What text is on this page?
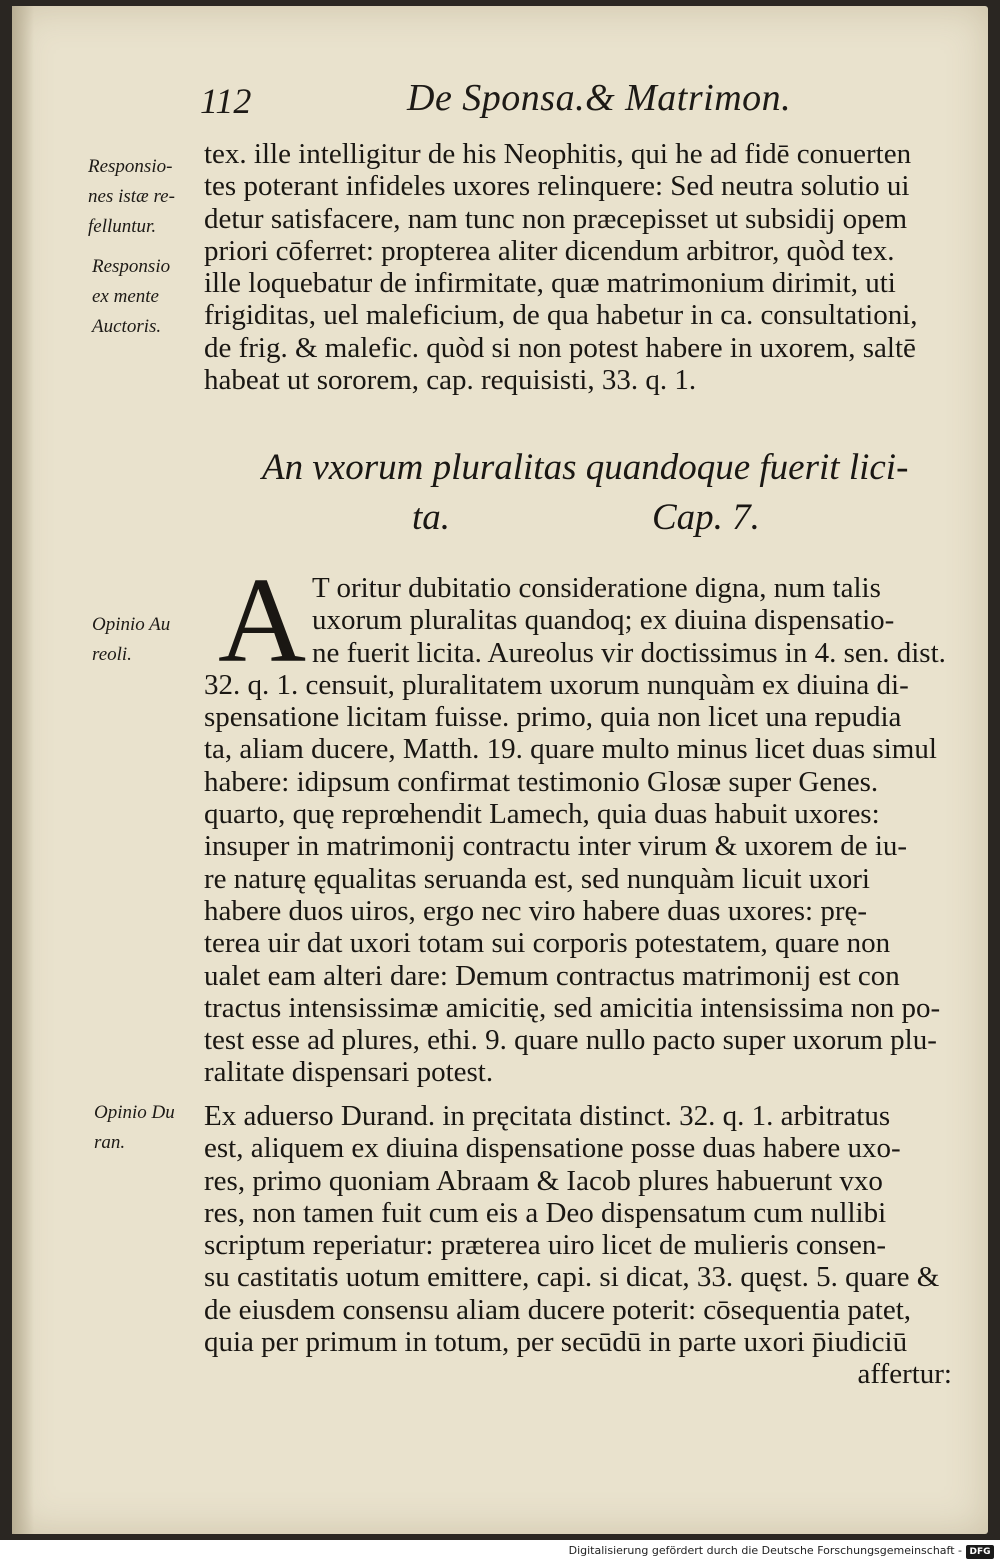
112	De Sponsa.& Matrimon.
Responsio-
nes istæ re-
felluntur.
Responsio
ex mente
Auctoris.
Opinio Au
reoli.
Opinio Du
ran.
tex. ille intelligitur de his Neophitis, qui he ad fidē conuerten
tes poterant infideles uxores relinquere: Sed neutra solutio ui
detur satisfacere, nam tunc non præcepisset ut subsidij opem
priori cōferret: propterea aliter dicendum arbitror, quòd tex.
ille loquebatur de infirmitate, quæ matrimonium dirimit, uti
frigiditas, uel maleficium, de qua habetur in ca. consultationi,
de frig. & malefic. quòd si non potest habere in uxorem, saltē
habeat ut sororem, cap. requisisti, 33. q. 1.
An vxorum pluralitas quandoque fuerit lici-
ta.	Cap. 7.
A T oritur dubitatio consideratione digna, num talis
uxorum pluralitas quandoq; ex diuina dispensatio-
ne fuerit licita. Aureolus vir doctissimus in 4. sen. dist.
32. q. 1. censuit, pluralitatem uxorum nunquàm ex diuina di-
spensatione licitam fuisse. primo, quia non licet una repudia
ta, aliam ducere, Matth. 19. quare multo minus licet duas simul
habere: idipsum confirmat testimonio Glosæ super Genes.
quarto, quę reprœhendit Lamech, quia duas habuit uxores:
insuper in matrimonij contractu inter virum & uxorem de iu-
re naturę ęqualitas seruanda est, sed nunquàm licuit uxori
habere duos uiros, ergo nec viro habere duas uxores: prę-
terea uir dat uxori totam sui corporis potestatem, quare non
ualet eam alteri dare: Demum contractus matrimonij est con
tractus intensissimæ amicitię, sed amicitia intensissima non po-
test esse ad plures, ethi. 9. quare nullo pacto super uxorum plu-
ralitate dispensari potest.
Ex aduerso Durand. in pręcitata distinct. 32. q. 1. arbitratus
est, aliquem ex diuina dispensatione posse duas habere uxo-
res, primo quoniam Abraam & Iacob plures habuerunt vxo
res, non tamen fuit cum eis a Deo dispensatum cum nullibi
scriptum reperiatur: præterea uiro licet de mulieris consen-
su castitatis uotum emittere, capi. si dicat, 33. quęst. 5. quare &
de eiusdem consensu aliam ducere poterit: cōsequentia patet,
quia per primum in totum, per secūdū in parte uxori p̄iudiciū
affertur:
Digitalisierung gefördert durch die Deutsche Forschungsgemeinschaft - DFG
